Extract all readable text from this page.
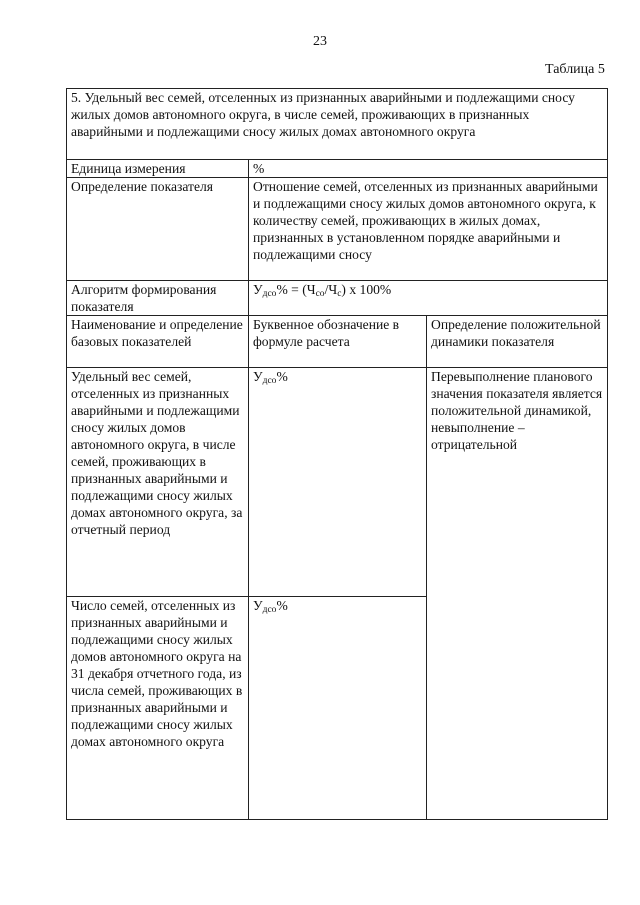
23
Таблица 5
5. Удельный вес семей, отселенных из признанных аварийными и подлежащими сносу жилых домов автономного округа, в числе семей, проживающих в признанных аварийными и подлежащими сносу жилых домах автономного округа		
Единица измерения	%	
Определение показателя	Отношение семей, отселенных из признанных аварийными и подлежащими сносу жилых домов автономного округа, к количеству семей, проживающих в жилых домах, признанных в установленном порядке аварийными и подлежащими сносу	
Алгоритм формирования показателя	$У_{дсо}\% = (Ч_{со}/Ч_с)$ х 100%	
Наименование и определение базовых показателей	Буквенное обозначение в формуле расчета	Определение положительной динамики показателя
Удельный вес семей, отселенных из признанных аварийными и подлежащими сносу жилых домов автономного округа, в числе семей, проживающих в признанных аварийными и подлежащими сносу жилых домах автономного округа, за отчетный период	$У_{дсо}\%$	Перевыполнение планового значения показателя является положительной динамикой, невыполнение – отрицательной
Число семей, отселенных из признанных аварийными и подлежащими сносу жилых домов автономного округа на 31 декабря отчетного года, из числа семей, проживающих в признанных аварийными и подлежащими сносу жилых домах автономного округа	$У_{дсо}\%$	
